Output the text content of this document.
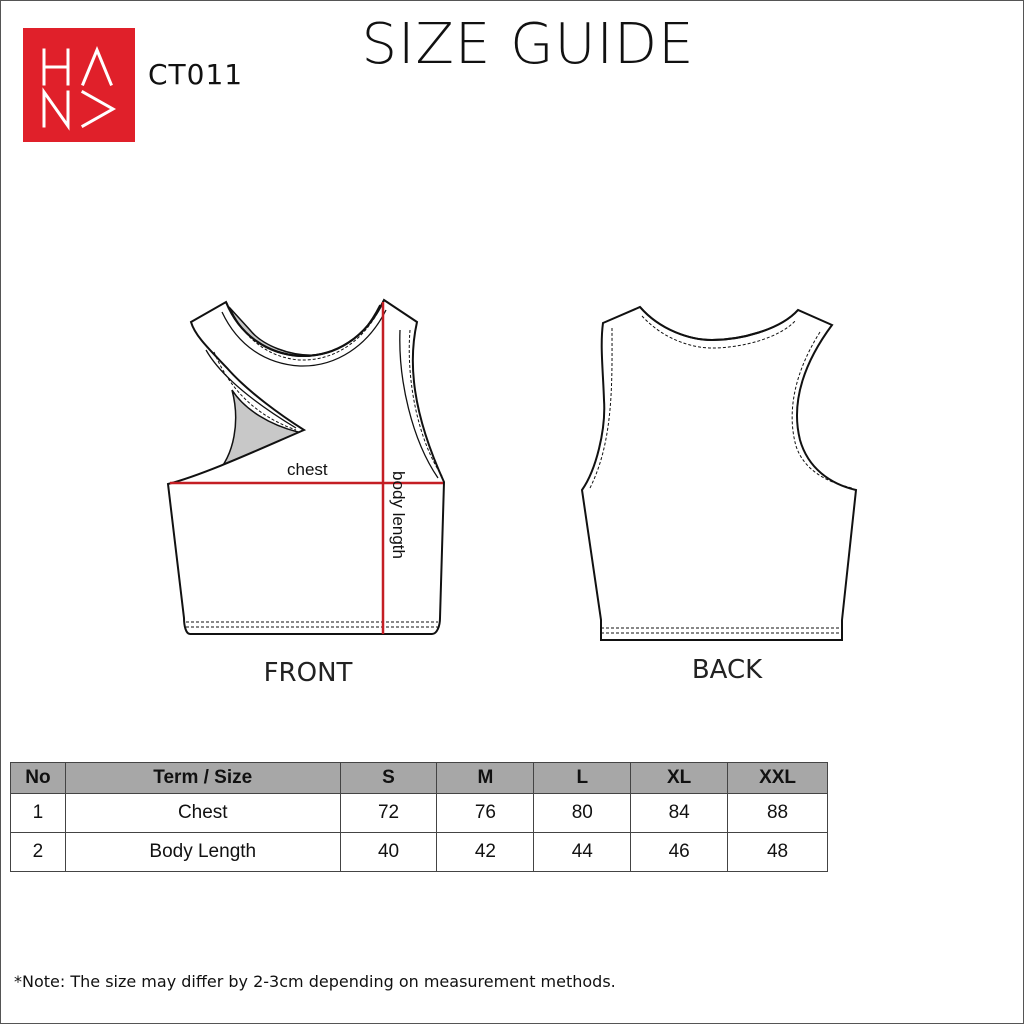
CT011	SIZE GUIDE
chest
body length
FRONT	BACK
No	Term / Size	S	M	L	XL	XXL
1	Chest	72	76	80	84	88
2	Body Length	40	42	44	46	48
*Note: The size may differ by 2-3cm depending on measurement methods.
